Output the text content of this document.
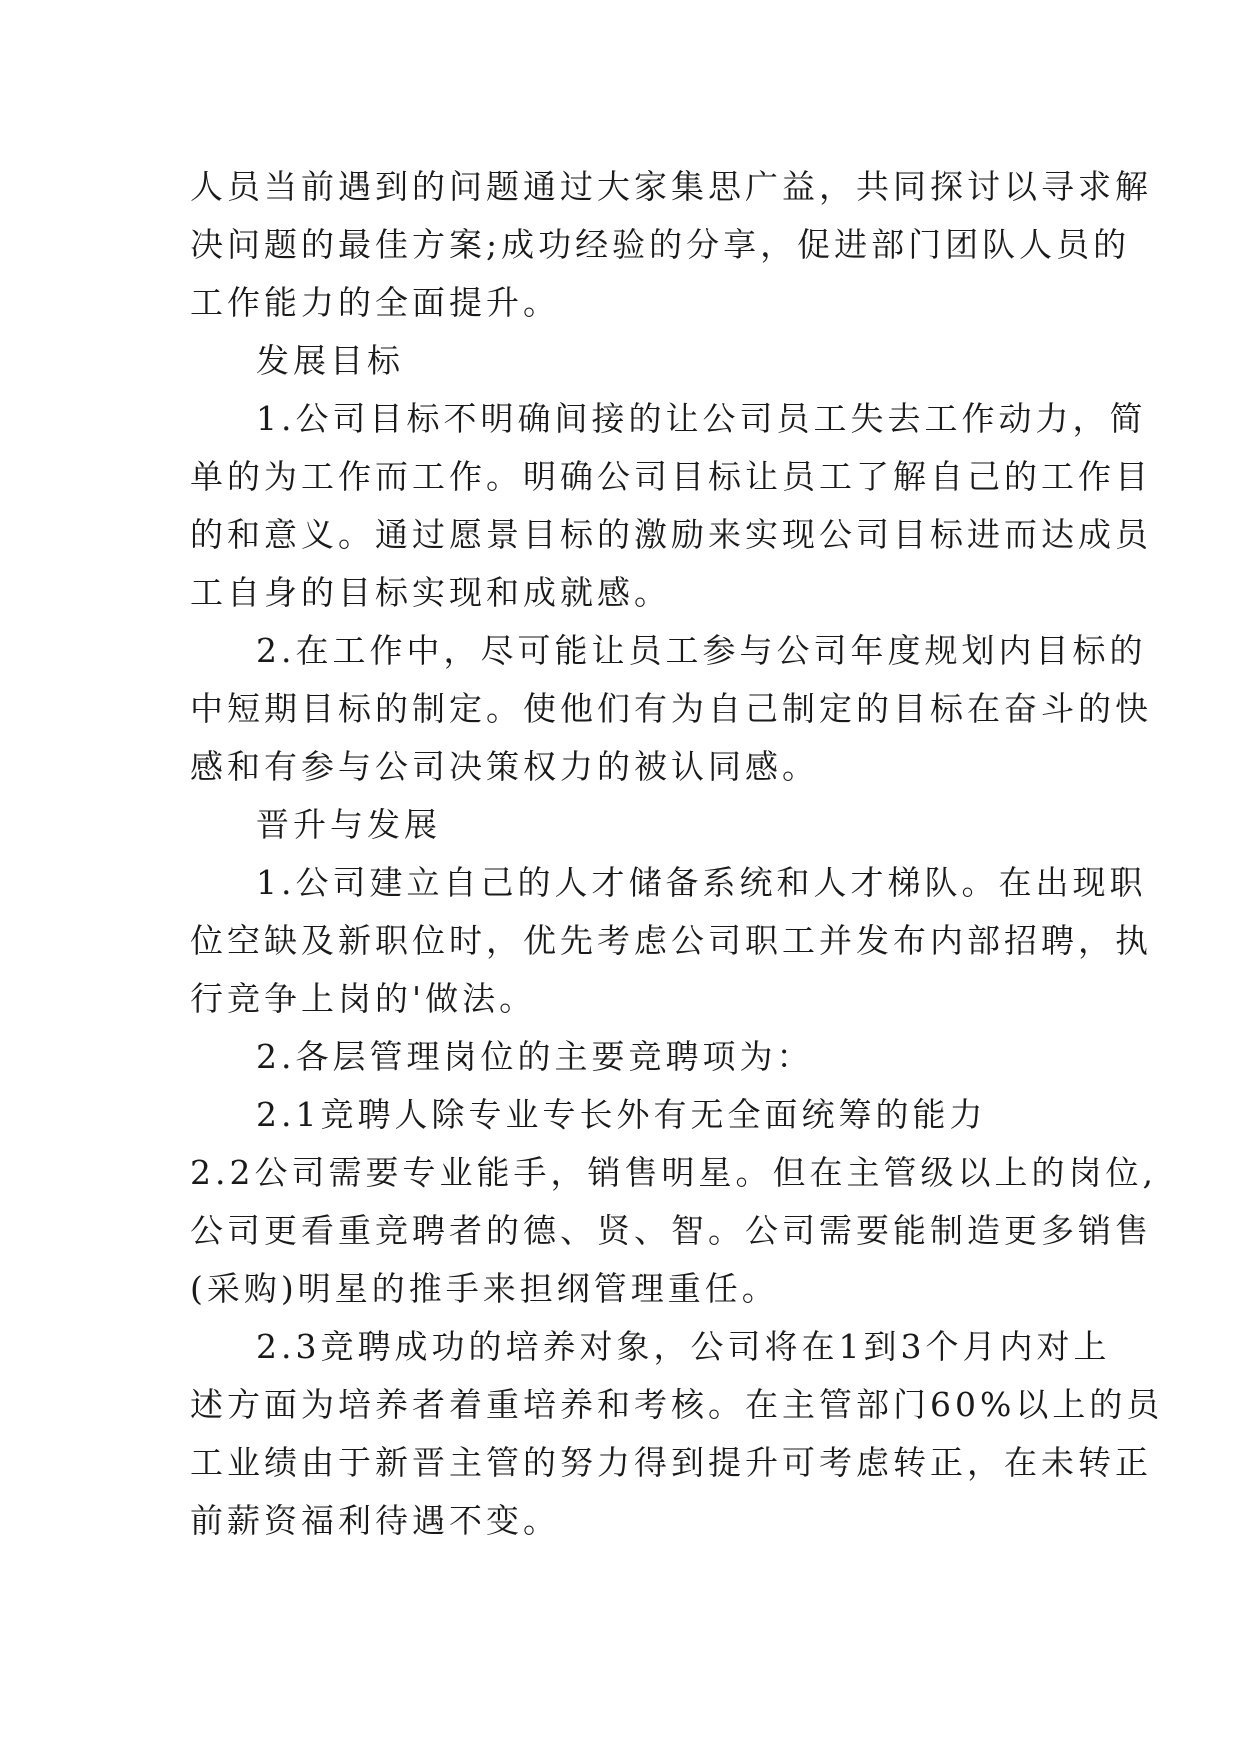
人员当前遇到的问题通过大家集思广益，共同探讨以寻求解
决问题的最佳方案;成功经验的分享，促进部门团队人员的
工作能力的全面提升。
发展目标
1.公司目标不明确间接的让公司员工失去工作动力，简
单的为工作而工作。明确公司目标让员工了解自己的工作目
的和意义。通过愿景目标的激励来实现公司目标进而达成员
工自身的目标实现和成就感。
2.在工作中，尽可能让员工参与公司年度规划内目标的
中短期目标的制定。使他们有为自己制定的目标在奋斗的快
感和有参与公司决策权力的被认同感。
晋升与发展
1.公司建立自己的人才储备系统和人才梯队。在出现职
位空缺及新职位时，优先考虑公司职工并发布内部招聘，执
行竞争上岗的'做法。
2.各层管理岗位的主要竞聘项为：
2.1竞聘人除专业专长外有无全面统筹的能力
2.2公司需要专业能手，销售明星。但在主管级以上的岗位,
公司更看重竞聘者的德、贤、智。公司需要能制造更多销售
(采购)明星的推手来担纲管理重任。
2.3竞聘成功的培养对象，公司将在1到3个月内对上
述方面为培养者着重培养和考核。在主管部门60%以上的员
工业绩由于新晋主管的努力得到提升可考虑转正，在未转正
前薪资福利待遇不变。
